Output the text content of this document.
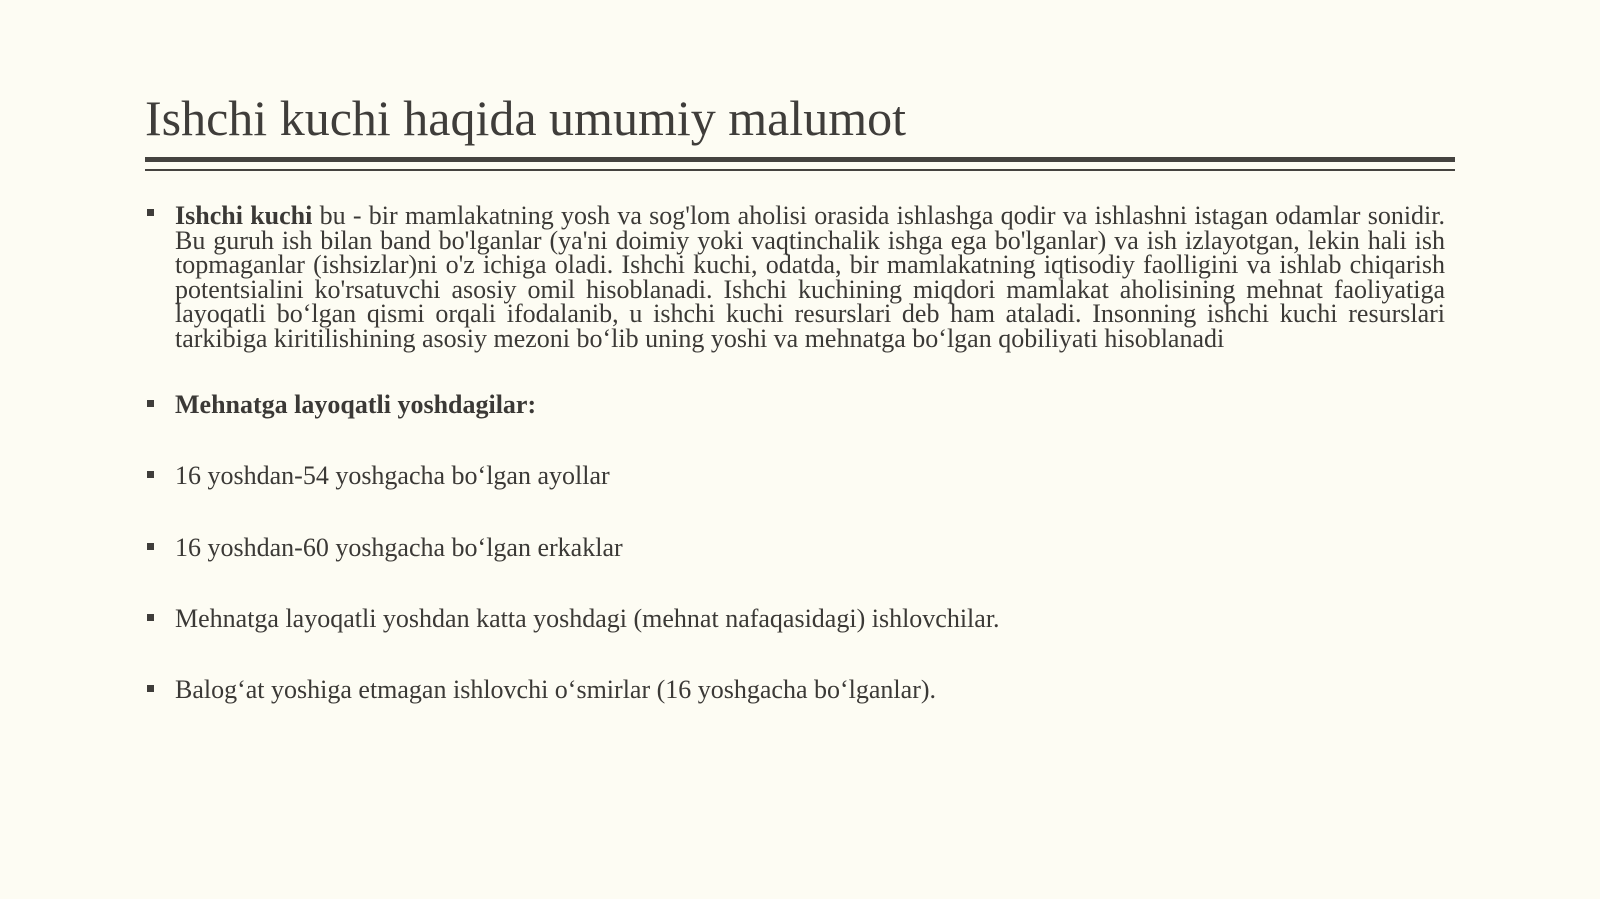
Ishchi kuchi haqida umumiy malumot
Ishchi kuchi bu - bir mamlakatning yosh va sog'lom aholisi orasida ishlashga qodir va ishlashni istagan odamlar sonidir. Bu guruh ish bilan band bo'lganlar (ya'ni doimiy yoki vaqtinchalik ishga ega bo'lganlar) va ish izlayotgan, lekin hali ish topmaganlar (ishsizlar)ni o'z ichiga oladi. Ishchi kuchi, odatda, bir mamlakatning iqtisodiy faolligini va ishlab chiqarish potentsialini ko'rsatuvchi asosiy omil hisoblanadi. Ishchi kuchining miqdori mamlakat aholisining mehnat faoliyatiga layoqatli bo‘lgan qismi orqali ifodalanib, u ishchi kuchi resurslari deb ham ataladi. Insonning ishchi kuchi resurslari tarkibiga kiritilishining asosiy mezoni bo‘lib uning yoshi va mehnatga bo‘lgan qobiliyati hisoblanadi
Mehnatga layoqatli yoshdagilar:
16 yoshdan-54 yoshgacha bo‘lgan ayollar
16 yoshdan-60 yoshgacha bo‘lgan erkaklar
Mehnatga layoqatli yoshdan katta yoshdagi (mehnat nafaqasidagi) ishlovchilar.
Balog‘at yoshiga etmagan ishlovchi o‘smirlar (16 yoshgacha bo‘lganlar).
